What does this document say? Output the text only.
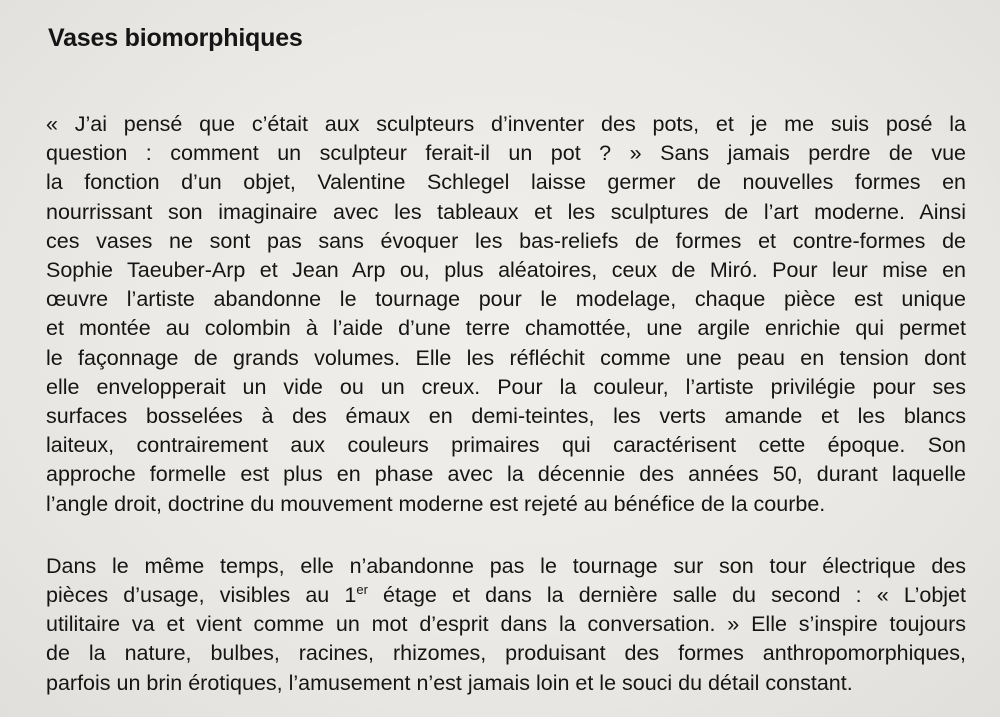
Vases biomorphiques

« J’ai pensé que c’était aux sculpteurs d’inventer des pots, et je me suis posé la
question : comment un sculpteur ferait-il un pot ? » Sans jamais perdre de vue
la fonction d’un objet, Valentine Schlegel laisse germer de nouvelles formes en
nourrissant son imaginaire avec les tableaux et les sculptures de l’art moderne. Ainsi
ces vases ne sont pas sans évoquer les bas-reliefs de formes et contre-formes de
Sophie Taeuber-Arp et Jean Arp ou, plus aléatoires, ceux de Miró. Pour leur mise en
œuvre l’artiste abandonne le tournage pour le modelage, chaque pièce est unique
et montée au colombin à l’aide d’une terre chamottée, une argile enrichie qui permet
le façonnage de grands volumes. Elle les réfléchit comme une peau en tension dont
elle envelopperait un vide ou un creux. Pour la couleur, l’artiste privilégie pour ses
surfaces bosselées à des émaux en demi-teintes, les verts amande et les blancs
laiteux, contrairement aux couleurs primaires qui caractérisent cette époque. Son
approche formelle est plus en phase avec la décennie des années 50, durant laquelle
l’angle droit, doctrine du mouvement moderne est rejeté au bénéfice de la courbe.

Dans le même temps, elle n’abandonne pas le tournage sur son tour électrique des
pièces d’usage, visibles au 1er étage et dans la dernière salle du second : « L’objet
utilitaire va et vient comme un mot d’esprit dans la conversation. » Elle s’inspire toujours
de la nature, bulbes, racines, rhizomes, produisant des formes anthropomorphiques,
parfois un brin érotiques, l’amusement n’est jamais loin et le souci du détail constant.
